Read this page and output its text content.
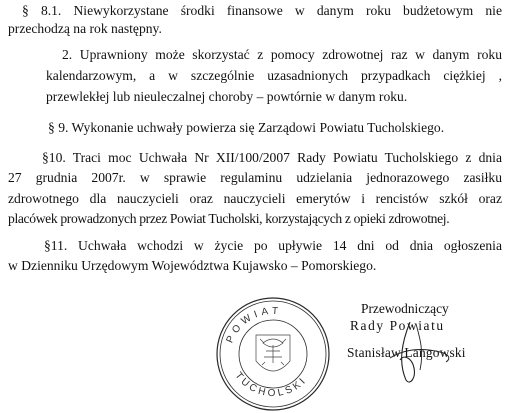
§ 8.1. Niewykorzystane środki finansowe w danym roku budżetowym nie
przechodzą na rok następny.
2. Uprawniony może skorzystać z pomocy zdrowotnej raz w danym roku
kalendarzowym, a w szczególnie uzasadnionych przypadkach ciężkiej ,
przewlekłej lub nieuleczalnej choroby – powtórnie w danym roku.
§ 9. Wykonanie uchwały powierza się Zarządowi Powiatu Tucholskiego.
§10. Traci moc Uchwała Nr XII/100/2007 Rady Powiatu Tucholskiego z dnia
27 grudnia 2007r. w sprawie regulaminu udzielania jednorazowego zasiłku
zdrowotnego dla nauczycieli oraz nauczycieli emerytów i rencistów szkół oraz
placówek prowadzonych przez Powiat Tucholski, korzystających z opieki zdrowotnej.
§11. Uchwała wchodzi w życie po upływie 14 dni od dnia ogłoszenia
w Dzienniku Urzędowym Województwa Kujawsko – Pomorskiego.
POWIAT
TUCHOLSKI
Przewodniczący
Rady Powiatu
Stanisław Langowski
